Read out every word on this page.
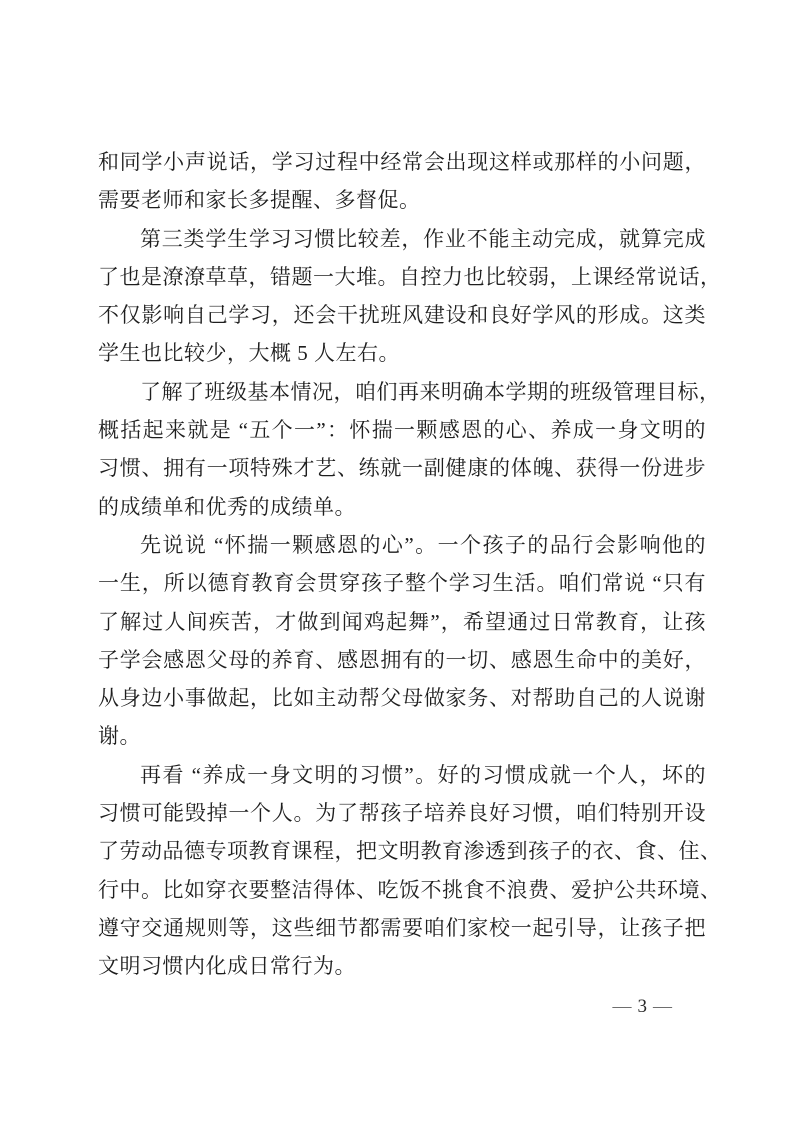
和同学小声说话，学习过程中经常会出现这样或那样的小问题，
需要老师和家长多提醒、多督促。
第三类学生学习习惯比较差，作业不能主动完成，就算完成
了也是潦潦草草，错题一大堆。自控力也比较弱，上课经常说话，
不仅影响自己学习，还会干扰班风建设和良好学风的形成。这类
学生也比较少，大概 5 人左右。
了解了班级基本情况，咱们再来明确本学期的班级管理目标，
概括起来就是 “五个一”：怀揣一颗感恩的心、养成一身文明的
习惯、拥有一项特殊才艺、练就一副健康的体魄、获得一份进步
的成绩单和优秀的成绩单。
先说说 “怀揣一颗感恩的心”。一个孩子的品行会影响他的
一生，所以德育教育会贯穿孩子整个学习生活。咱们常说 “只有
了解过人间疾苦，才做到闻鸡起舞”，希望通过日常教育，让孩
子学会感恩父母的养育、感恩拥有的一切、感恩生命中的美好，
从身边小事做起，比如主动帮父母做家务、对帮助自己的人说谢
谢。
再看 “养成一身文明的习惯”。好的习惯成就一个人，坏的
习惯可能毁掉一个人。为了帮孩子培养良好习惯，咱们特别开设
了劳动品德专项教育课程，把文明教育渗透到孩子的衣、食、住、
行中。比如穿衣要整洁得体、吃饭不挑食不浪费、爱护公共环境、
遵守交通规则等，这些细节都需要咱们家校一起引导，让孩子把
文明习惯内化成日常行为。
— 3 —
